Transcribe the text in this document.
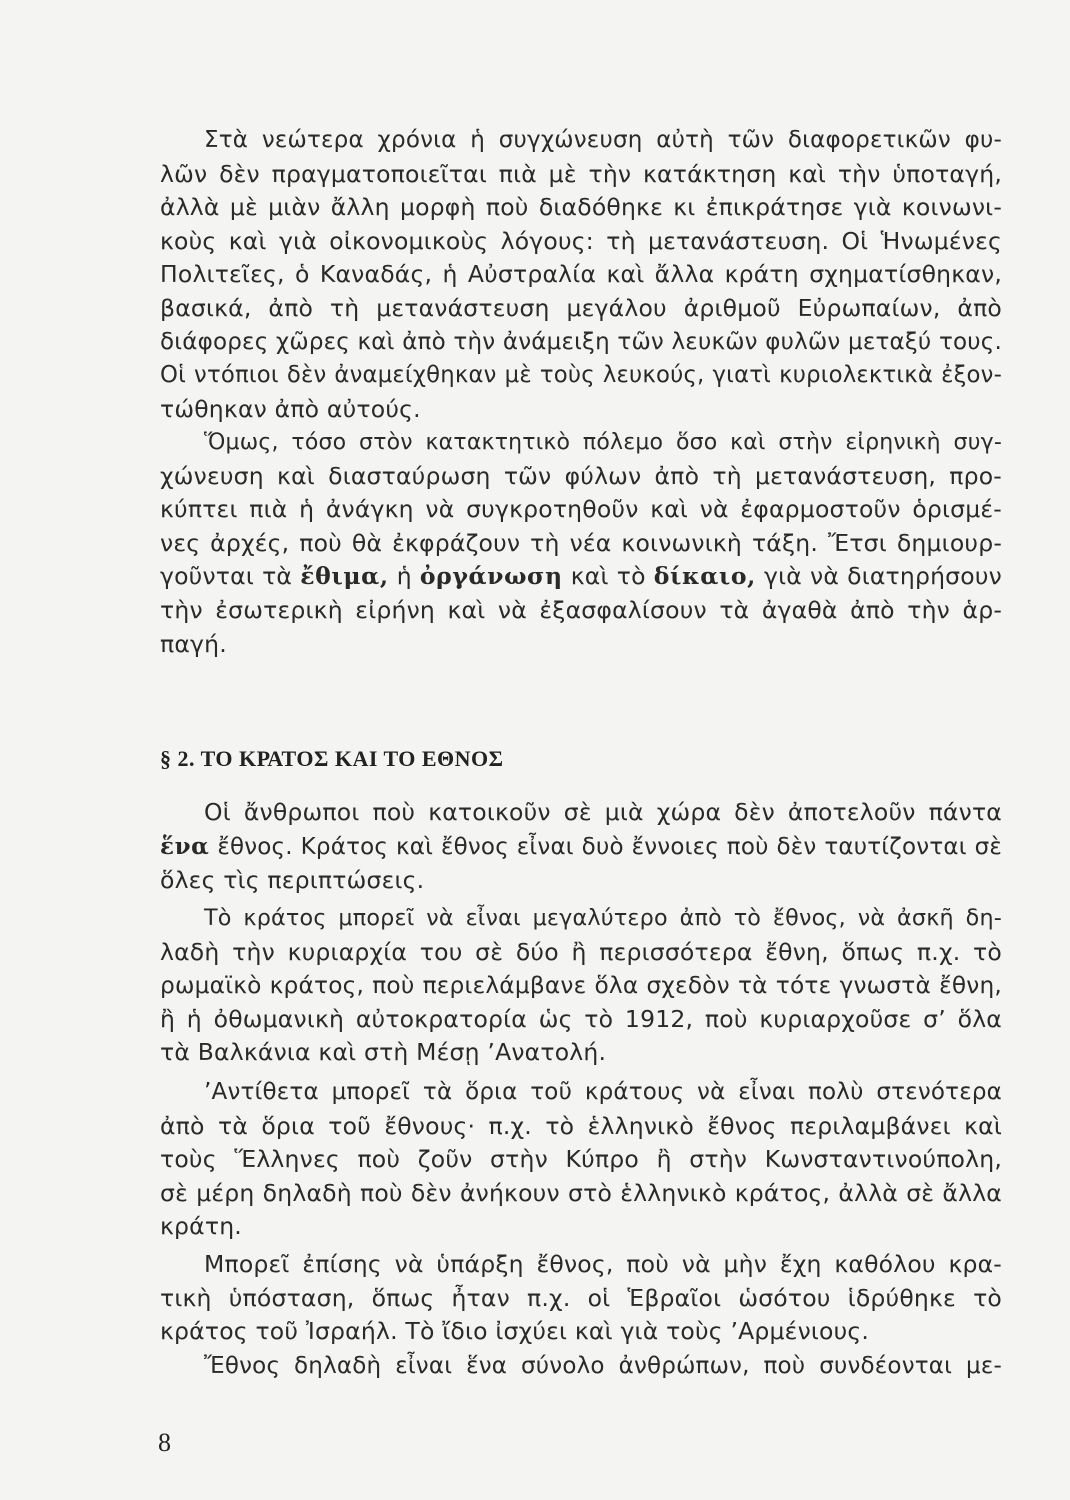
Στὰ νεώτερα χρόνια ἡ συγχώνευση αὐτὴ τῶν διαφορετικῶν φυ-
λῶν δὲν πραγματοποιεῖται πιὰ μὲ τὴν κατάκτηση καὶ τὴν ὑποταγή,
ἀλλὰ μὲ μιὰν ἄλλη μορφὴ ποὺ διαδόθηκε κι ἐπικράτησε γιὰ κοινωνι-
κοὺς καὶ γιὰ οἰκονομικοὺς λόγους: τὴ μετανάστευση. Οἱ Ἡνωμένες
Πολιτεῖες, ὁ Καναδάς, ἡ Αὐστραλία καὶ ἄλλα κράτη σχηματίσθηκαν,
βασικά, ἀπὸ τὴ μετανάστευση μεγάλου ἀριθμοῦ Εὐρωπαίων, ἀπὸ
διάφορες χῶρες καὶ ἀπὸ τὴν ἀνάμειξη τῶν λευκῶν φυλῶν μεταξύ τους.
Οἱ ντόπιοι δὲν ἀναμείχθηκαν μὲ τοὺς λευκούς, γιατὶ κυριολεκτικὰ ἐξον-
τώθηκαν ἀπὸ αὐτούς.

Ὅμως, τόσο στὸν κατακτητικὸ πόλεμο ὅσο καὶ στὴν εἰρηνικὴ συγ-
χώνευση καὶ διασταύρωση τῶν φύλων ἀπὸ τὴ μετανάστευση, προ-
κύπτει πιὰ ἡ ἀνάγκη νὰ συγκροτηθοῦν καὶ νὰ ἐφαρμοστοῦν ὁρισμέ-
νες ἀρχές, ποὺ θὰ ἐκφράζουν τὴ νέα κοινωνικὴ τάξη. Ἔτσι δημιουρ-
γοῦνται τὰ ἔθιμα, ἡ ὀργάνωση καὶ τὸ δίκαιο, γιὰ νὰ διατηρήσουν
τὴν ἐσωτερικὴ εἰρήνη καὶ νὰ ἐξασφαλίσουν τὰ ἀγαθὰ ἀπὸ τὴν ἁρ-
παγή.

§ 2. ΤΟ ΚΡΑΤΟΣ ΚΑΙ ΤΟ ΕΘΝΟΣ

Οἱ ἄνθρωποι ποὺ κατοικοῦν σὲ μιὰ χώρα δὲν ἀποτελοῦν πάντα
ἕνα ἔθνος. Κράτος καὶ ἔθνος εἶναι δυὸ ἔννοιες ποὺ δὲν ταυτίζονται σὲ
ὅλες τὶς περιπτώσεις.

Τὸ κράτος μπορεῖ νὰ εἶναι μεγαλύτερο ἀπὸ τὸ ἔθνος, νὰ ἀσκῆ δη-
λαδὴ τὴν κυριαρχία του σὲ δύο ἢ περισσότερα ἔθνη, ὅπως π.χ. τὸ
ρωμαϊκὸ κράτος, ποὺ περιελάμβανε ὅλα σχεδὸν τὰ τότε γνωστὰ ἔθνη,
ἢ ἡ ὀθωμανικὴ αὐτοκρατορία ὡς τὸ 1912, ποὺ κυριαρχοῦσε σ’ ὅλα
τὰ Βαλκάνια καὶ στὴ Μέσῃ ’Ανατολή.

’Αντίθετα μπορεῖ τὰ ὅρια τοῦ κράτους νὰ εἶναι πολὺ στενότερα
ἀπὸ τὰ ὅρια τοῦ ἔθνους· π.χ. τὸ ἑλληνικὸ ἔθνος περιλαμβάνει καὶ
τοὺς Ἕλληνες ποὺ ζοῦν στὴν Κύπρο ἢ στὴν Κωνσταντινούπολη,
σὲ μέρη δηλαδὴ ποὺ δὲν ἀνήκουν στὸ ἑλληνικὸ κράτος, ἀλλὰ σὲ ἄλλα
κράτη.

Μπορεῖ ἐπίσης νὰ ὑπάρξη ἔθνος, ποὺ νὰ μὴν ἔχη καθόλου κρα-
τικὴ ὑπόσταση, ὅπως ἦταν π.χ. οἱ Ἑβραῖοι ὡσότου ἱδρύθηκε τὸ
κράτος τοῦ Ἰσραήλ. Τὸ ἴδιο ἰσχύει καὶ γιὰ τοὺς ’Αρμένιους.

Ἔθνος δηλαδὴ εἶναι ἕνα σύνολο ἀνθρώπων, ποὺ συνδέονται με-

8
